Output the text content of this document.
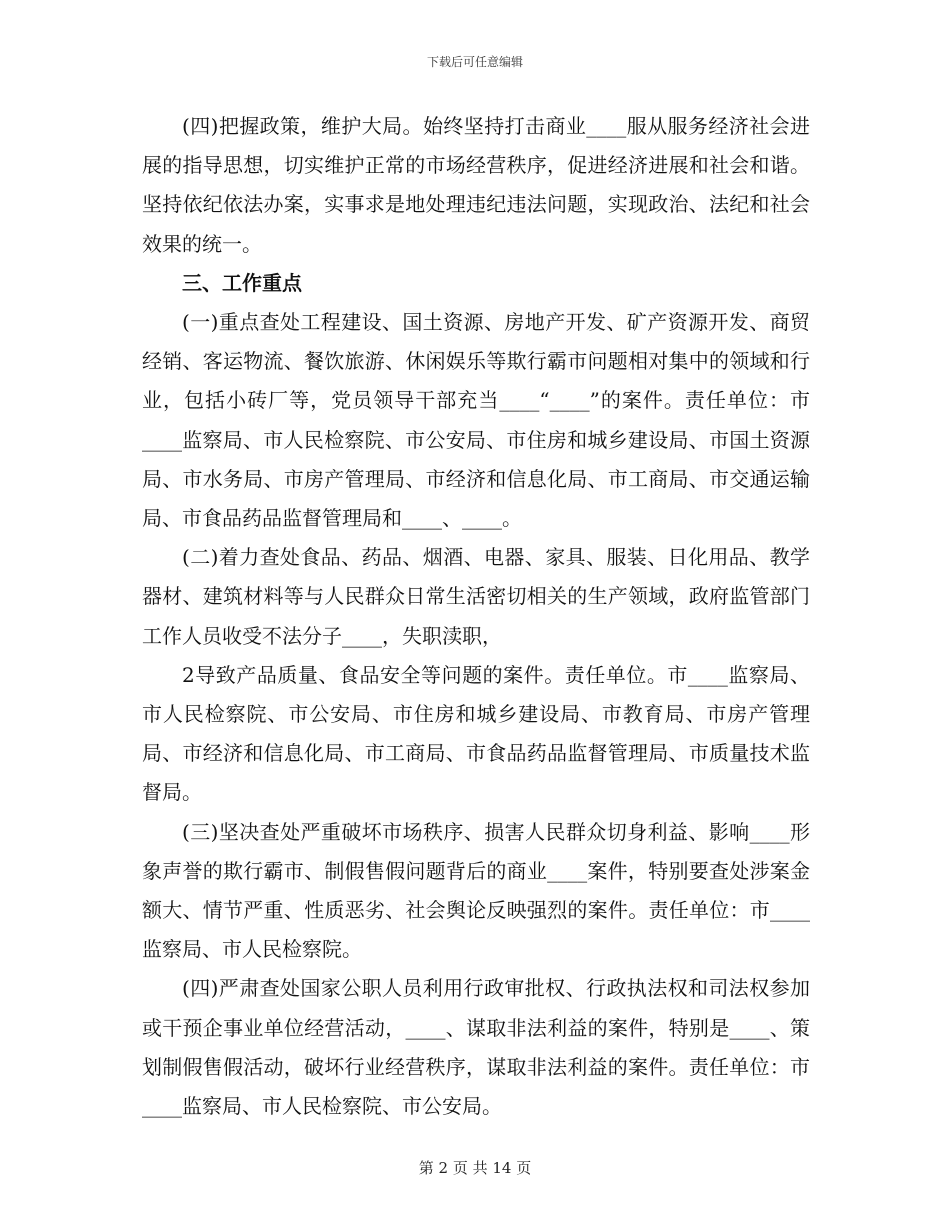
下载后可任意编辑

(四)把握政策，维护大局。始终坚持打击商业____服从服务经济社会进展的指导思想，切实维护正常的市场经营秩序，促进经济进展和社会和谐。坚持依纪依法办案，实事求是地处理违纪违法问题，实现政治、法纪和社会效果的统一。

三、工作重点

(一)重点查处工程建设、国土资源、房地产开发、矿产资源开发、商贸经销、客运物流、餐饮旅游、休闲娱乐等欺行霸市问题相对集中的领域和行业，包括小砖厂等，党员领导干部充当____“____”的案件。责任单位：市____监察局、市人民检察院、市公安局、市住房和城乡建设局、市国土资源局、市水务局、市房产管理局、市经济和信息化局、市工商局、市交通运输局、市食品药品监督管理局和____、____。

(二)着力查处食品、药品、烟酒、电器、家具、服装、日化用品、教学器材、建筑材料等与人民群众日常生活密切相关的生产领域，政府监管部门工作人员收受不法分子____，失职渎职，

2导致产品质量、食品安全等问题的案件。责任单位。市____监察局、市人民检察院、市公安局、市住房和城乡建设局、市教育局、市房产管理局、市经济和信息化局、市工商局、市食品药品监督管理局、市质量技术监督局。

(三)坚决查处严重破坏市场秩序、损害人民群众切身利益、影响____形象声誉的欺行霸市、制假售假问题背后的商业____案件，特别要查处涉案金额大、情节严重、性质恶劣、社会舆论反映强烈的案件。责任单位：市____监察局、市人民检察院。

(四)严肃查处国家公职人员利用行政审批权、行政执法权和司法权参加或干预企事业单位经营活动，____、谋取非法利益的案件，特别是____、策划制假售假活动，破坏行业经营秩序，谋取非法利益的案件。责任单位：市____监察局、市人民检察院、市公安局。

第 2 页 共 14 页
